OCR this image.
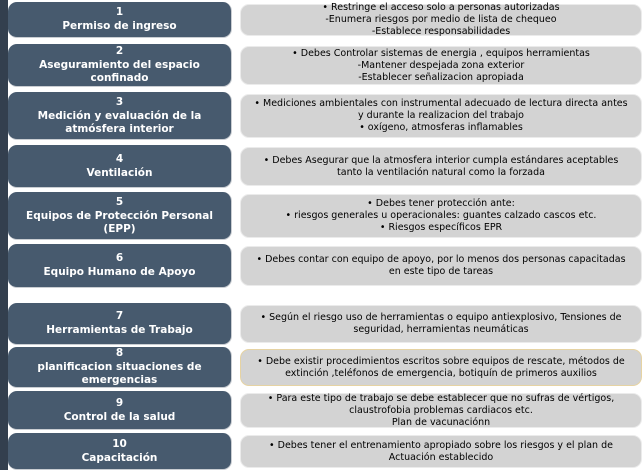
1
Permiso de ingreso
• Restringe el acceso solo a personas autorizadas
-Enumera riesgos por medio de lista de chequeo
-Establece responsabilidades
2
Aseguramiento del espacio confinado
• Debes Controlar sistemas de energia , equipos herramientas
-Mantener despejada zona exterior
-Establecer señalizacion apropiada
3
Medición y evaluación de la atmósfera interior
• Mediciones ambientales con instrumental adecuado de lectura directa antes y durante la realizacion del trabajo
• oxígeno, atmosferas inflamables
4
Ventilación
• Debes Asegurar que la atmosfera interior cumpla estándares aceptables tanto la ventilación natural como la forzada
5
Equipos de Protección Personal (EPP)
• Debes tener protección ante:
• riesgos generales u operacionales: guantes calzado cascos etc.
• Riesgos específicos EPR
6
Equipo Humano de Apoyo
• Debes contar con equipo de apoyo, por lo menos dos personas capacitadas en este tipo de tareas
7
Herramientas de Trabajo
• Según el riesgo uso de herramientas o equipo antiexplosivo, Tensiones de seguridad, herramientas neumáticas
8
planificacion situaciones de emergencias
• Debe existir procedimientos escritos sobre equipos de rescate, métodos de extinción ,teléfonos de emergencia, botiquín de primeros auxilios
9
Control de la salud
• Para este tipo de trabajo se debe establecer que no sufras de vértigos, claustrofobia problemas cardiacos etc.
Plan de vacunaciónn
10
Capacitación
• Debes tener el entrenamiento apropiado sobre los riesgos y el plan de Actuación establecido
